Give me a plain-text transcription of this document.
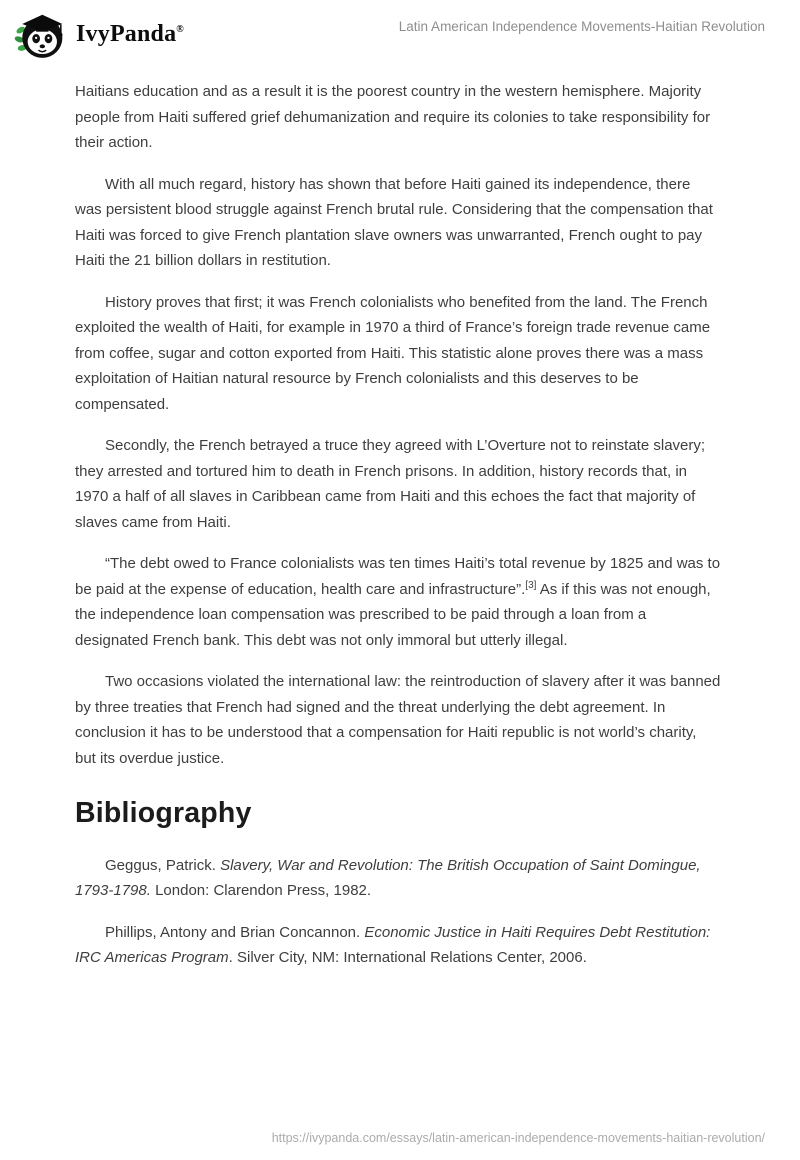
IvyPanda®	Latin American Independence Movements-Haitian Revolution

Haitians education and as a result it is the poorest country in the western hemisphere. Majority people from Haiti suffered grief dehumanization and require its colonies to take responsibility for their action.

With all much regard, history has shown that before Haiti gained its independence, there was persistent blood struggle against French brutal rule. Considering that the compensation that Haiti was forced to give French plantation slave owners was unwarranted, French ought to pay Haiti the 21 billion dollars in restitution.

History proves that first; it was French colonialists who benefited from the land. The French exploited the wealth of Haiti, for example in 1970 a third of France’s foreign trade revenue came from coffee, sugar and cotton exported from Haiti. This statistic alone proves there was a mass exploitation of Haitian natural resource by French colonialists and this deserves to be compensated.

Secondly, the French betrayed a truce they agreed with L’Overture not to reinstate slavery; they arrested and tortured him to death in French prisons. In addition, history records that, in 1970 a half of all slaves in Caribbean came from Haiti and this echoes the fact that majority of slaves came from Haiti.

“The debt owed to France colonialists was ten times Haiti’s total revenue by 1825 and was to be paid at the expense of education, health care and infrastructure”.[3] As if this was not enough, the independence loan compensation was prescribed to be paid through a loan from a designated French bank. This debt was not only immoral but utterly illegal.

Two occasions violated the international law: the reintroduction of slavery after it was banned by three treaties that French had signed and the threat underlying the debt agreement. In conclusion it has to be understood that a compensation for Haiti republic is not world’s charity, but its overdue justice.

Bibliography

Geggus, Patrick. Slavery, War and Revolution: The British Occupation of Saint Domingue, 1793-1798. London: Clarendon Press, 1982.

Phillips, Antony and Brian Concannon. Economic Justice in Haiti Requires Debt Restitution: IRC Americas Program. Silver City, NM: International Relations Center, 2006.

https://ivypanda.com/essays/latin-american-independence-movements-haitian-revolution/
